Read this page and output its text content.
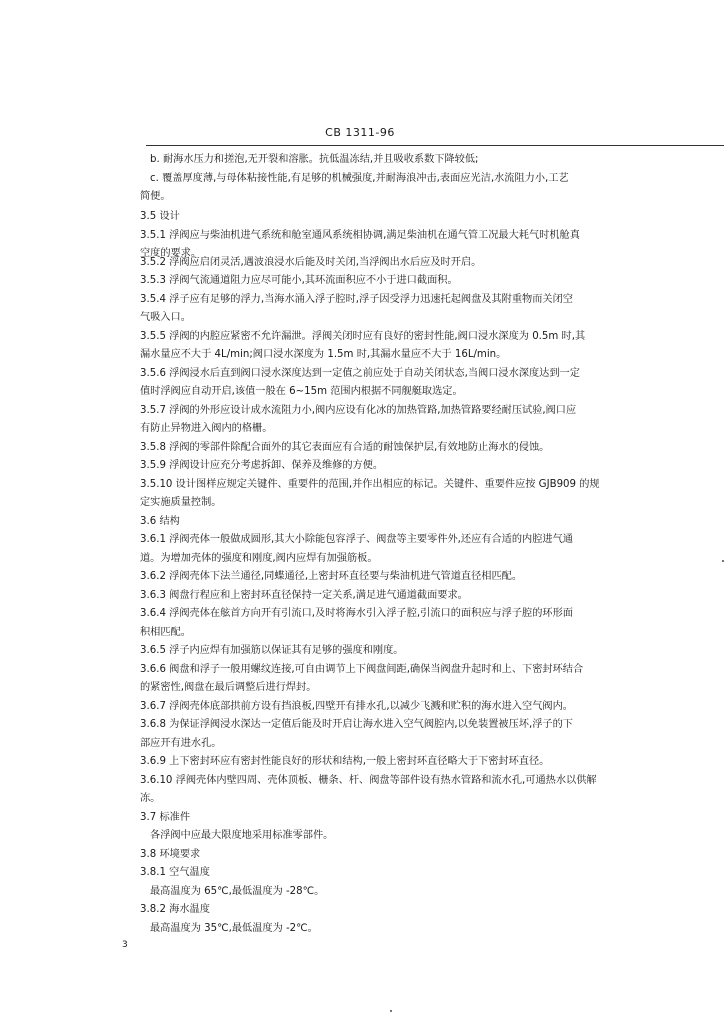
CB 1311-96
b. 耐海水压力和搓泡,无开裂和溶胀。抗低温冻结,并且吸收系数下降较低;
c. 覆盖厚度薄,与母体粘接性能,有足够的机械强度,并耐海浪冲击,表面应光洁,水流阻力小,工艺
简便。
3.5 设计
3.5.1 浮阀应与柴油机进气系统和舱室通风系统相协调,满足柴油机在通气管工况最大耗气时机舱真
空度的要求。
3.5.2 浮阀应启闭灵活,遇波浪浸水后能及时关闭,当浮阀出水后应及时开启。
3.5.3 浮阀气流通道阻力应尽可能小,其环流面积应不小于进口截面积。
3.5.4 浮子应有足够的浮力,当海水涌入浮子腔时,浮子因受浮力迅速托起阀盘及其附重物而关闭空
气吸入口。
3.5.5 浮阀的内腔应紧密不允许漏泄。浮阀关闭时应有良好的密封性能,阀口浸水深度为 0.5m 时,其
漏水量应不大于 4L/min;阀口浸水深度为 1.5m 时,其漏水量应不大于 16L/min。
3.5.6 浮阀浸水后直到阀口浸水深度达到一定值之前应处于自动关闭状态,当阀口浸水深度达到一定
值时浮阀应自动开启,该值一般在 6~15m 范围内根据不同舰艇取选定。
3.5.7 浮阀的外形应设计成水流阻力小,阀内应设有化冰的加热管路,加热管路要经耐压试验,阀口应
有防止异物进入阀内的格栅。
3.5.8 浮阀的零部件除配合面外的其它表面应有合适的耐蚀保护层,有效地防止海水的侵蚀。
3.5.9 浮阀设计应充分考虑拆卸、保养及维修的方便。
3.5.10 设计图样应规定关键件、重要件的范围,并作出相应的标记。关键件、重要件应按 GJB909 的规
定实施质量控制。
3.6 结构
3.6.1 浮阀壳体一般做成圆形,其大小除能包容浮子、阀盘等主要零件外,还应有合适的内腔进气通
道。为增加壳体的强度和刚度,阀内应焊有加强筋板。
3.6.2 浮阀壳体下法兰通径,同蝶通径,上密封环直径要与柴油机进气管道直径相匹配。
3.6.3 阀盘行程应和上密封环直径保持一定关系,满足进气通道截面要求。
3.6.4 浮阀壳体在舷首方向开有引流口,及时将海水引入浮子腔,引流口的面积应与浮子腔的环形面
积相匹配。
3.6.5 浮子内应焊有加强筋以保证其有足够的强度和刚度。
3.6.6 阀盘和浮子一般用螺纹连接,可自由调节上下阀盘间距,确保当阀盘升起时和上、下密封环结合
的紧密性,阀盘在最后调整后进行焊封。
3.6.7 浮阀壳体底部拱前方设有挡浪板,四壁开有排水孔,以减少飞溅和贮积的海水进入空气阀内。
3.6.8 为保证浮阀浸水深达一定值后能及时开启让海水进入空气阀腔内,以免装置被压坏,浮子的下
部应开有进水孔。
3.6.9 上下密封环应有密封性能良好的形状和结构,一般上密封环直径略大于下密封环直径。
3.6.10 浮阀壳体内壁四周、壳体顶板、栅条、杆、阀盘等部件设有热水管路和流水孔,可通热水以供解
冻。
3.7 标准件
各浮阀中应最大限度地采用标准零部件。
3.8 环境要求
3.8.1 空气温度
最高温度为 65℃,最低温度为 -28℃。
3.8.2 海水温度
最高温度为 35℃,最低温度为 -2℃。
3
